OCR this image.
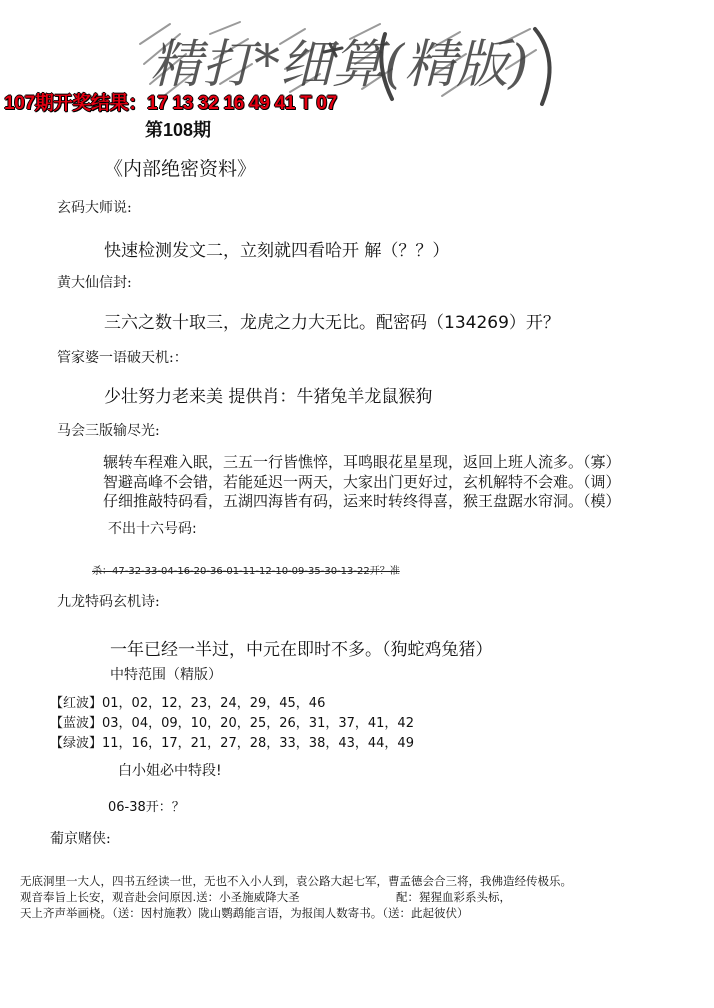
精打*细算(精版)
107期开奖结果：17 13 32 16 49 41 T 07
第108期
《内部绝密资料》
玄码大师说:
快速检测发文二，立刻就四看哈开 解（？？）
黄大仙信封:
三六之数十取三，龙虎之力大无比。配密码（134269）开？
管家婆一语破天机:：
少壮努力老来美 提供肖：牛猪兔羊龙鼠猴狗
马会三版输尽光:
辗转车程难入眠，三五一行皆憔悴，耳鸣眼花星星现，返回上班人流多。（寡）
智避高峰不会错，若能延迟一两天，大家出门更好过，玄机解特不会难。（调）
仔细推敲特码看，五湖四海皆有码，运来时转终得喜，猴王盘踞水帘洞。（模）
不出十六号码:
杀：47-32-33-04-16-20-36-01-11-12-10-09-35-30-13-22开？准
九龙特码玄机诗:
一年已经一半过，中元在即时不多。（狗蛇鸡兔猪）
中特范围（精版）
【红波】01，02，12，23，24，29，45，46
【蓝波】03，04，09，10，20，25，26，31，37，41，42
【绿波】11，16，17，21，27，28，33，38，43，44，49
白小姐必中特段!
06-38开：？
葡京赌侠:
无底洞里一大人，四书五经读一世，无也不入小人到，袁公路大起七军，曹孟德会合三将，我佛造经传极乐。
观音奉旨上长安，观音赴会问原因.送：小圣施威降大圣	配：猩猩血彩系头标，
天上齐声举画桡。（送：因村施教）陇山鹦鹉能言语，为报闺人数寄书。（送：此起彼伏）
